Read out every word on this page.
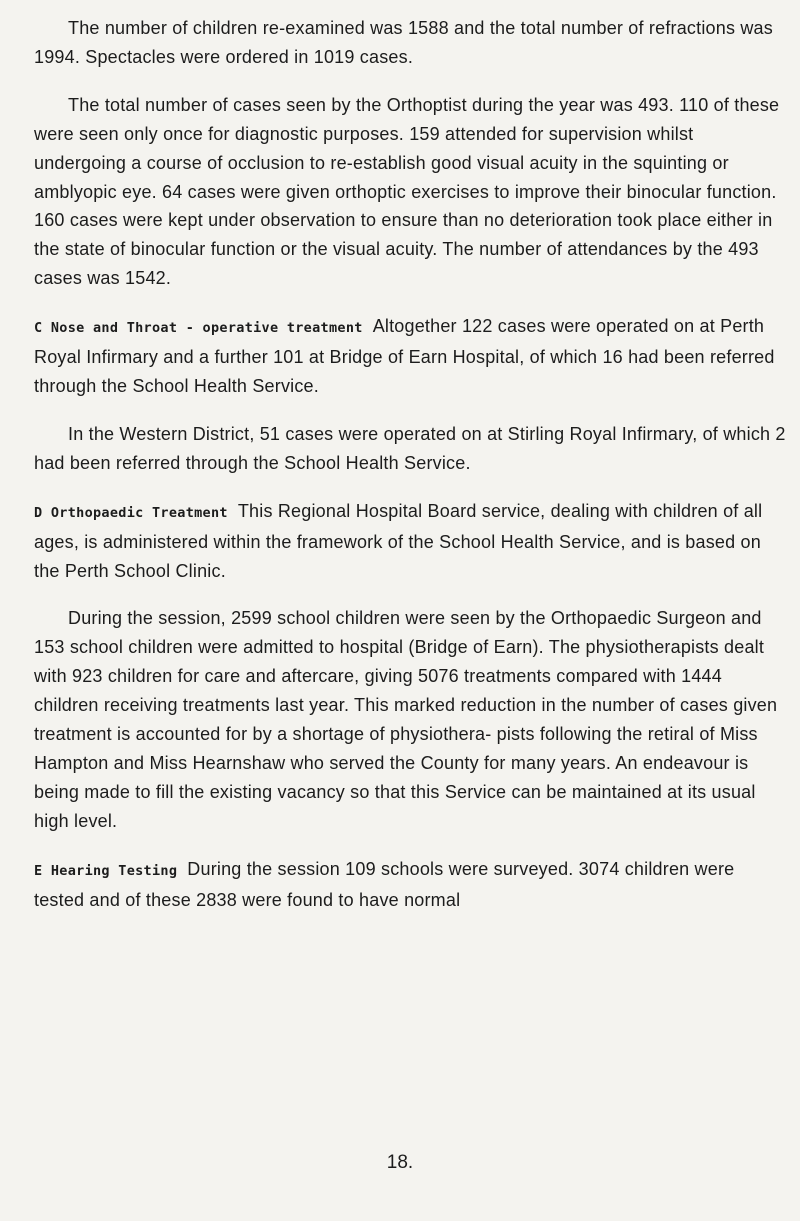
The number of children re-examined was 1588 and the total number of refractions was 1994. Spectacles were ordered in 1019 cases.

The total number of cases seen by the Orthoptist during the year was 493. 110 of these were seen only once for diagnostic purposes. 159 attended for supervision whilst undergoing a course of occlusion to re-establish good visual acuity in the squinting or amblyopic eye. 64 cases were given orthoptic exercises to improve their binocular function. 160 cases were kept under observation to ensure than no deterioration took place either in the state of binocular function or the visual acuity. The number of attendances by the 493 cases was 1542.

C Nose and Throat - operative treatment Altogether 122 cases were operated on at Perth Royal Infirmary and a further 101 at Bridge of Earn Hospital, of which 16 had been referred through the School Health Service.

In the Western District, 51 cases were operated on at Stirling Royal Infirmary, of which 2 had been referred through the School Health Service.

D Orthopaedic Treatment This Regional Hospital Board service, dealing with children of all ages, is administered within the framework of the School Health Service, and is based on the Perth School Clinic.

During the session, 2599 school children were seen by the Orthopaedic Surgeon and 153 school children were admitted to hospital (Bridge of Earn). The physiotherapists dealt with 923 children for care and aftercare, giving 5076 treatments compared with 1444 children receiving treatments last year. This marked reduction in the number of cases given treatment is accounted for by a shortage of physiothera- pists following the retiral of Miss Hampton and Miss Hearnshaw who served the County for many years. An endeavour is being made to fill the existing vacancy so that this Service can be maintained at its usual high level.

E Hearing Testing During the session 109 schools were surveyed. 3074 children were tested and of these 2838 were found to have normal

18.
